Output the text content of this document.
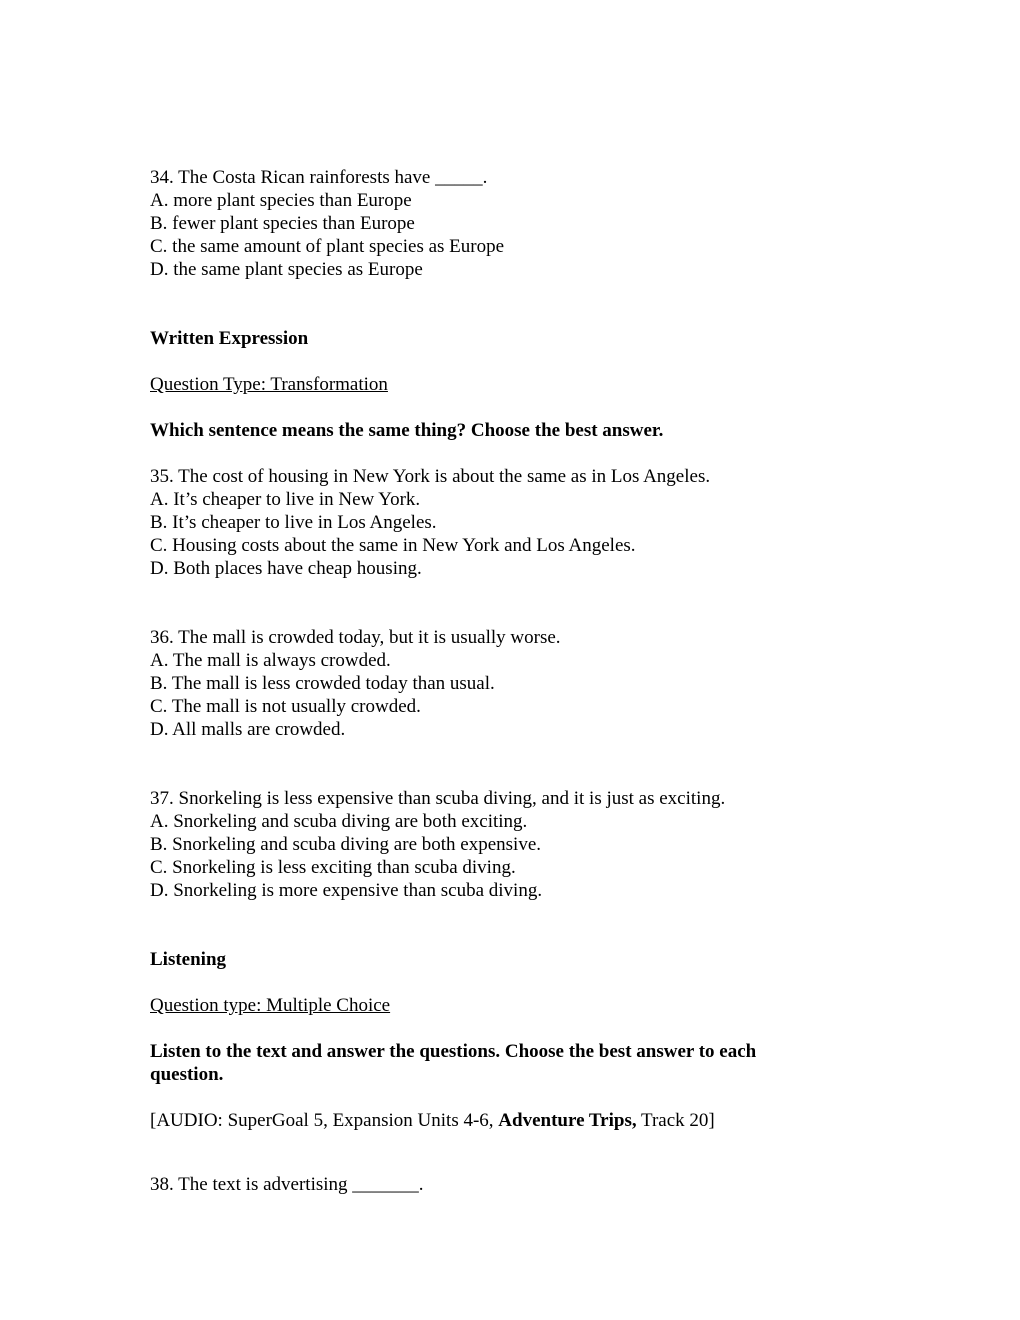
34. The Costa Rican rainforests have _____.
A. more plant species than Europe
B. fewer plant species than Europe
C. the same amount of plant species as Europe
D. the same plant species as Europe
Written Expression
Question Type: Transformation
Which sentence means the same thing? Choose the best answer.
35. The cost of housing in New York is about the same as in Los Angeles.
A. It’s cheaper to live in New York.
B. It’s cheaper to live in Los Angeles.
C. Housing costs about the same in New York and Los Angeles.
D. Both places have cheap housing.
36. The mall is crowded today, but it is usually worse.
A. The mall is always crowded.
B. The mall is less crowded today than usual.
C. The mall is not usually crowded.
D. All malls are crowded.
37. Snorkeling is less expensive than scuba diving, and it is just as exciting.
A. Snorkeling and scuba diving are both exciting.
B. Snorkeling and scuba diving are both expensive.
C. Snorkeling is less exciting than scuba diving.
D. Snorkeling is more expensive than scuba diving.
Listening
Question type: Multiple Choice
Listen to the text and answer the questions. Choose the best answer to each
question.
[AUDIO: SuperGoal 5, Expansion Units 4-6, Adventure Trips, Track 20]
38. The text is advertising _______.
